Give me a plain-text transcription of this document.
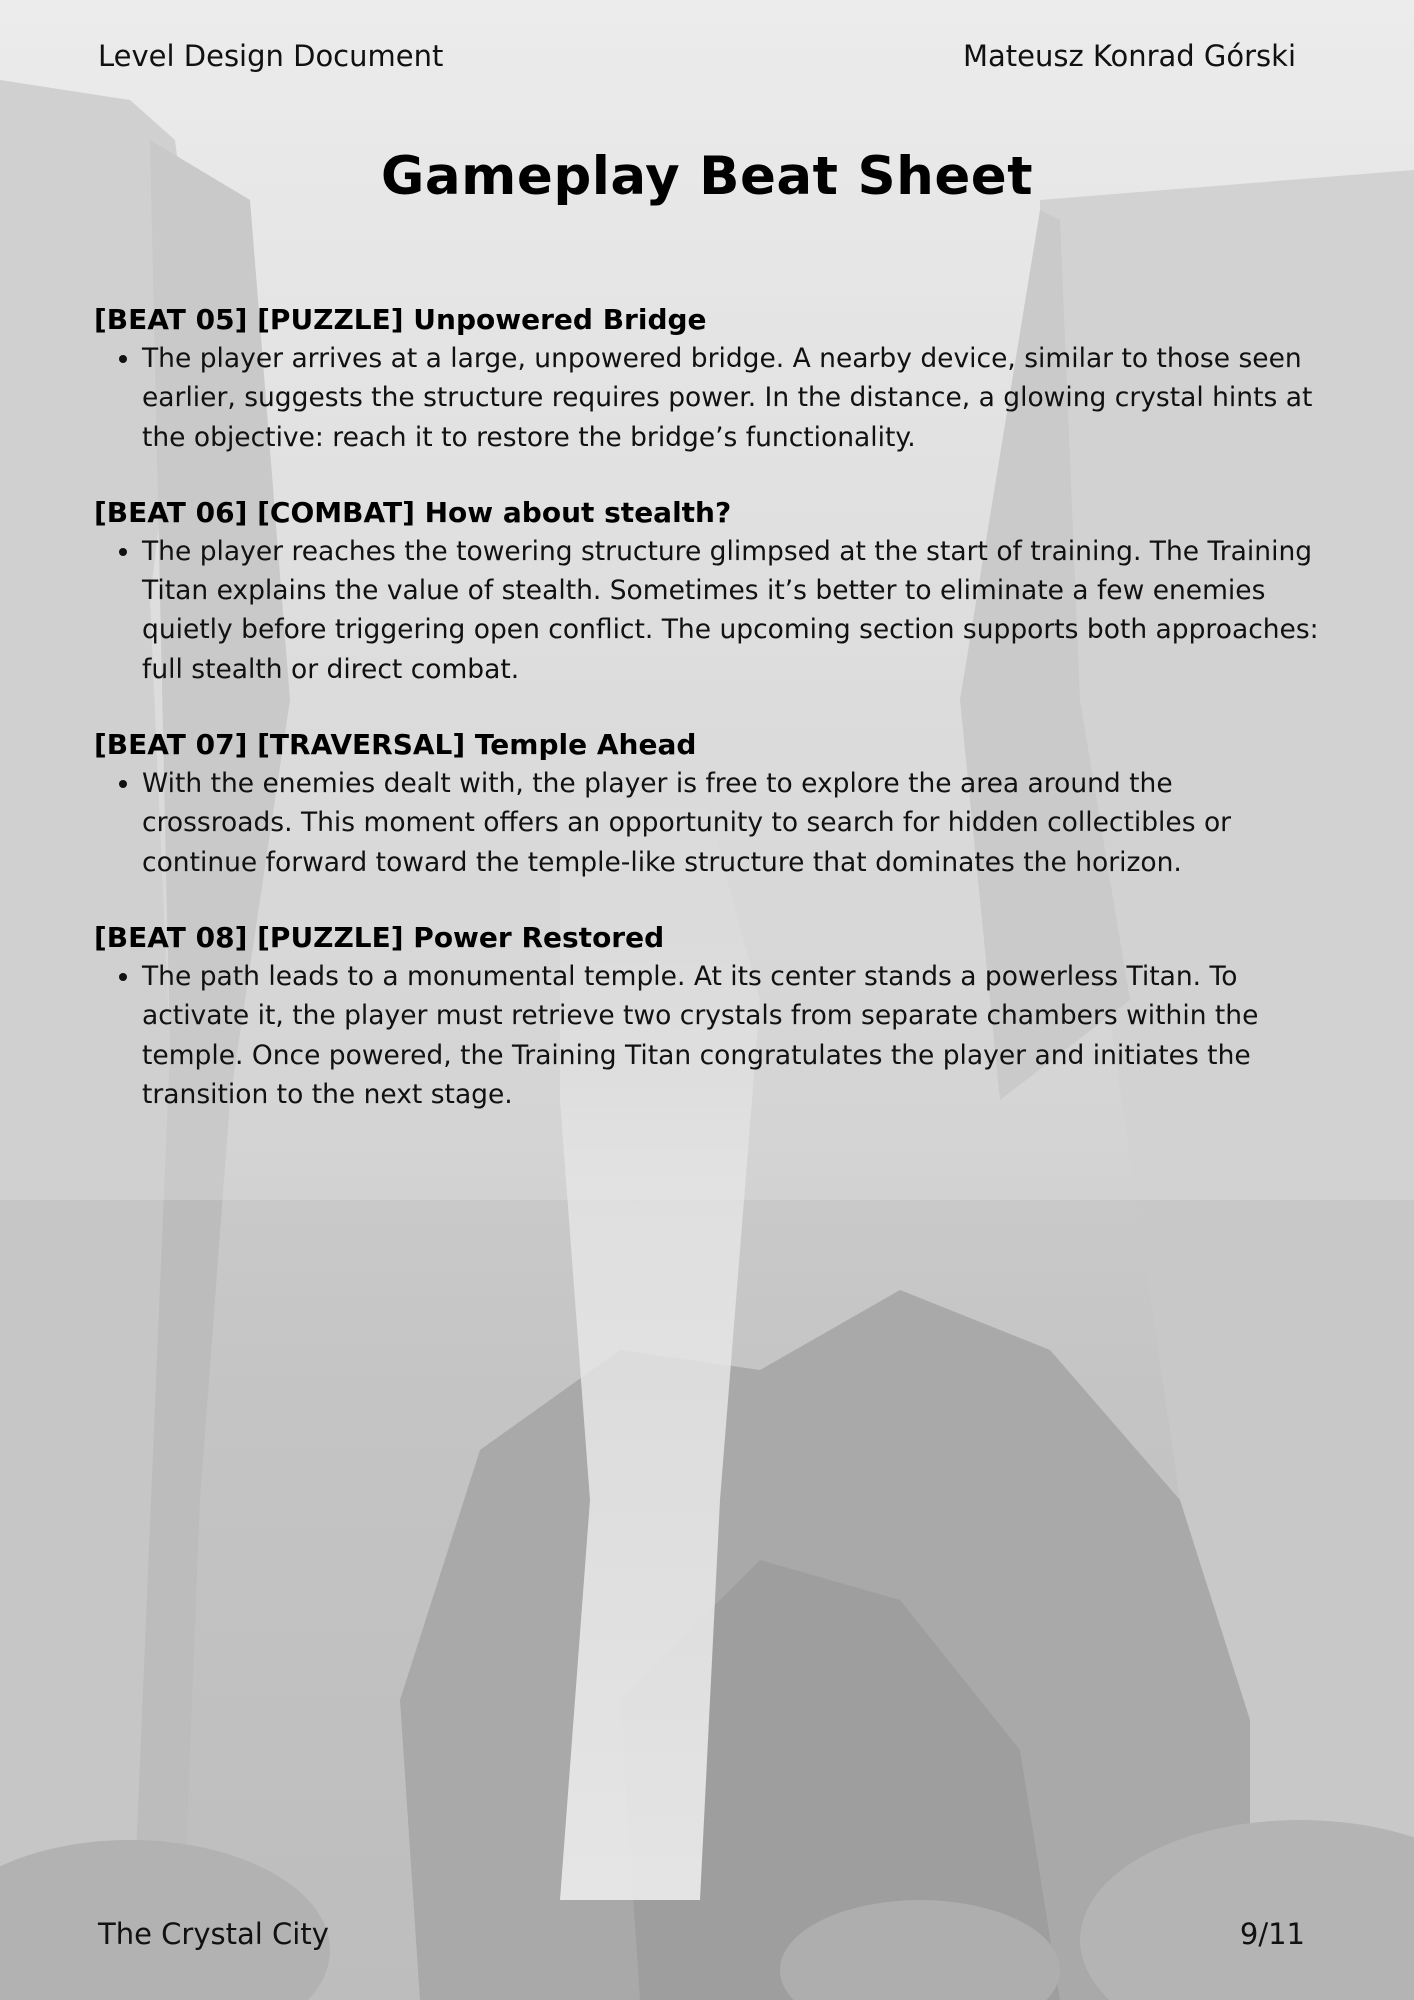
Level Design Document	Mateusz Konrad Górski
Gameplay Beat Sheet

[BEAT 05] [PUZZLE] Unpowered Bridge

• The player arrives at a large, unpowered bridge. A nearby device, similar to those seen earlier, suggests the structure requires power. In the distance, a glowing crystal hints at the objective: reach it to restore the bridge’s functionality.

[BEAT 06] [COMBAT] How about stealth?

• The player reaches the towering structure glimpsed at the start of training. The Training Titan explains the value of stealth. Sometimes it’s better to eliminate a few enemies quietly before triggering open conflict. The upcoming section supports both approaches: full stealth or direct combat.

[BEAT 07] [TRAVERSAL] Temple Ahead

• With the enemies dealt with, the player is free to explore the area around the crossroads. This moment offers an opportunity to search for hidden collectibles or continue forward toward the temple-like structure that dominates the horizon.

[BEAT 08] [PUZZLE] Power Restored

• The path leads to a monumental temple. At its center stands a powerless Titan. To activate it, the player must retrieve two crystals from separate chambers within the temple. Once powered, the Training Titan congratulates the player and initiates the transition to the next stage.
The Crystal City	9/11
